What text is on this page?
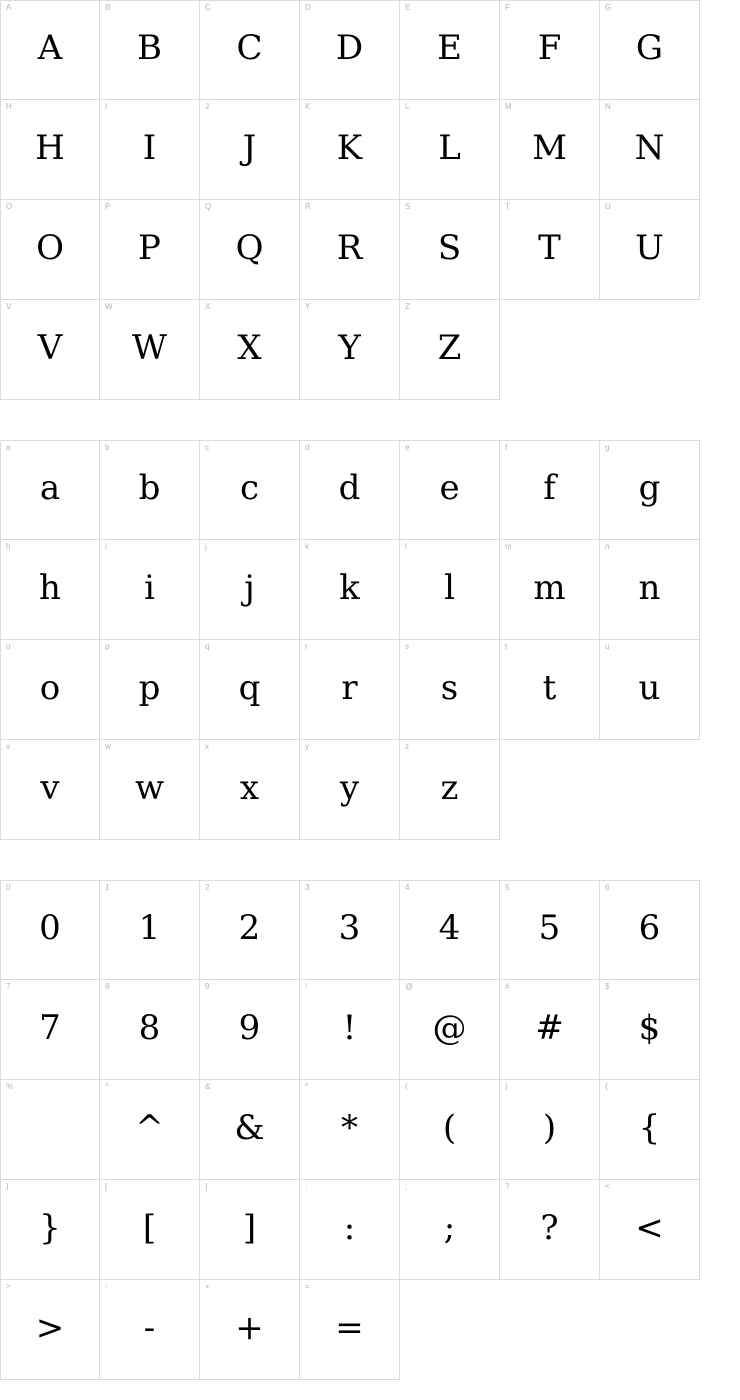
A
A
B
B
C
C
D
D
E
E
F
F
G
G
H
H
I
I
J
J
K
K
L
L
M
M
N
N
O
O
P
P
Q
Q
R
R
S
S
T
T
U
U
V
V
W
W
X
X
Y
Y
Z
Z
a
a
b
b
c
c
d
d
e
e
f
f
g
g
h
h
i
i
j
j
k
k
l
l
m
m
n
n
o
o
p
p
q
q
r
r
s
s
t
t
u
u
v
v
w
w
x
x
y
y
z
z
0
0
1
1
2
2
3
3
4
4
5
5
6
6
7
7
8
8
9
9
!
!
@
@
#
#
$
$
%	^
^
&
&
*
*
(
(
)
)
{
{
}
}
[
[
]
]
:
:
;
;
?
?
<
<
>
>
-
-
+
+
=
=
